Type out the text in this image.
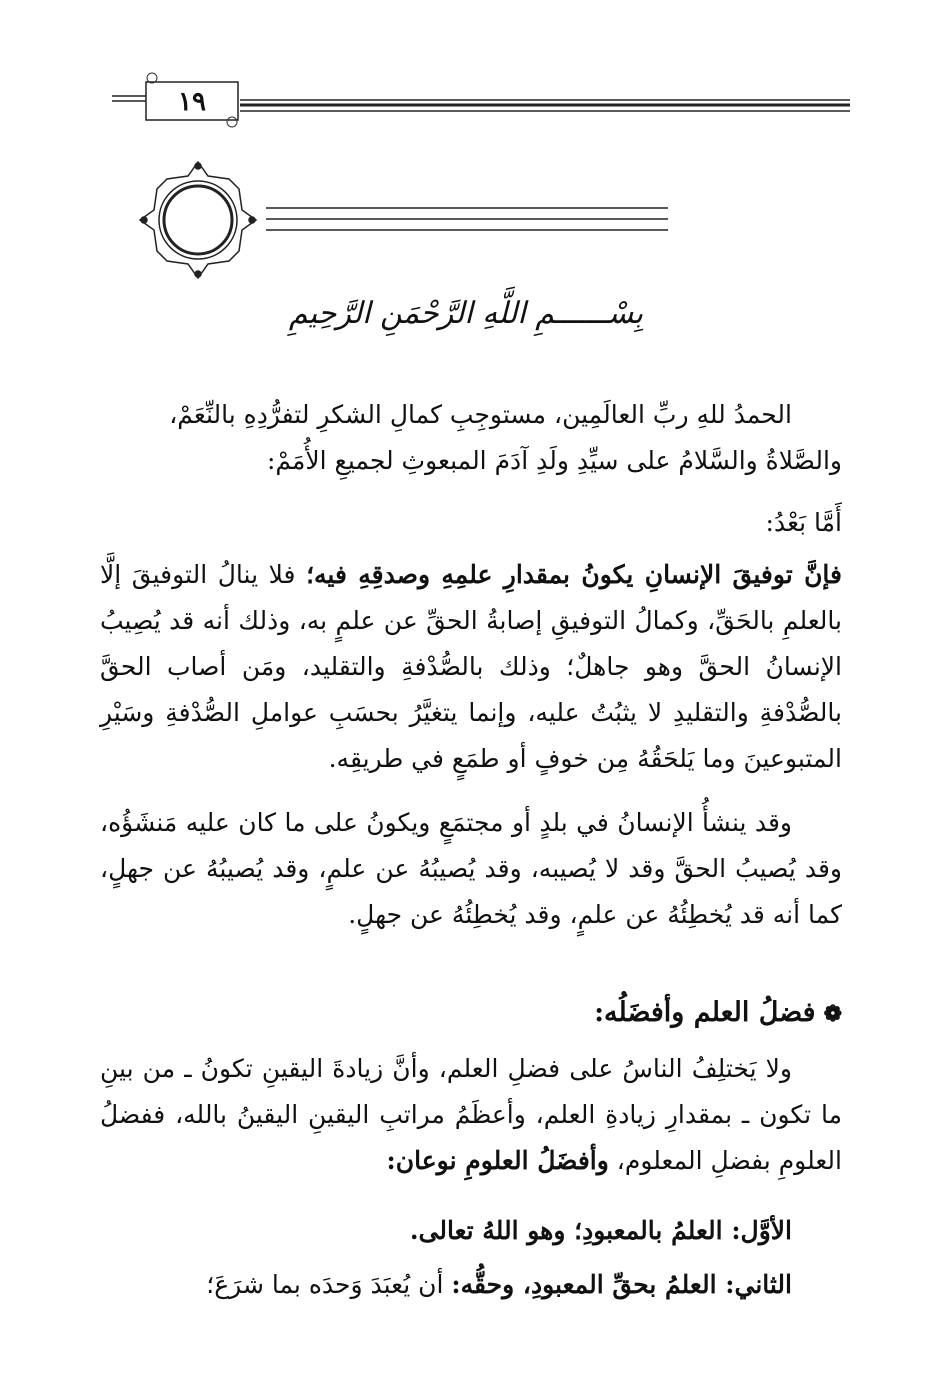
١٩
بِسْــــــمِ اللَّهِ الرَّحْمَنِ الرَّحِيمِ

الحمدُ للهِ ربِّ العالَمِين، مستوجِبِ كمالِ الشكرِ لتفرُّدِهِ بالنِّعَمْ،

والصَّلاةُ والسَّلامُ على سيِّدِ ولَدِ آدَمَ المبعوثِ لجميعِ الأُمَمْ:

أَمَّا بَعْدُ:

فإنَّ توفيقَ الإنسانِ يكونُ بمقدارِ علمِهِ وصدقِهِ فيه؛ فلا ينالُ التوفيقَ إلَّا بالعلمِ بالحَقِّ، وكمالُ التوفيقِ إصابةُ الحقِّ عن علمٍ به، وذلك أنه قد يُصِيبُ الإنسانُ الحقَّ وهو جاهلٌ؛ وذلك بالصُّدْفةِ والتقليد، ومَن أصاب الحقَّ بالصُّدْفةِ والتقليدِ لا يثبُتُ عليه، وإنما يتغيَّرُ بحسَبِ عواملِ الصُّدْفةِ وسَيْرِ المتبوعينَ وما يَلحَقُهُ مِن خوفٍ أو طمَعٍ في طريقِه.

وقد ينشأُ الإنسانُ في بلدٍ أو مجتمَعٍ ويكونُ على ما كان عليه مَنشَؤُه، وقد يُصيبُ الحقَّ وقد لا يُصيبه، وقد يُصيبُهُ عن علمٍ، وقد يُصيبُهُ عن جهلٍ، كما أنه قد يُخطِئُهُ عن علمٍ، وقد يُخطِئُهُ عن جهلٍ.

❁فضلُ العلم وأفضَلُه:

ولا يَختلِفُ الناسُ على فضلِ العلم، وأنَّ زيادةَ اليقينِ تكونُ ـ من بينِ ما تكون ـ بمقدارِ زيادةِ العلم، وأعظَمُ مراتبِ اليقينِ اليقينُ بالله، ففضلُ العلومِ بفضلِ المعلوم، وأفضَلُ العلومِ نوعان:

الأوَّل: العلمُ بالمعبودِ؛ وهو اللهُ تعالى.

الثاني: العلمُ بحقِّ المعبودِ، وحقُّه: أن يُعبَدَ وَحدَه بما شرَعَ؛
